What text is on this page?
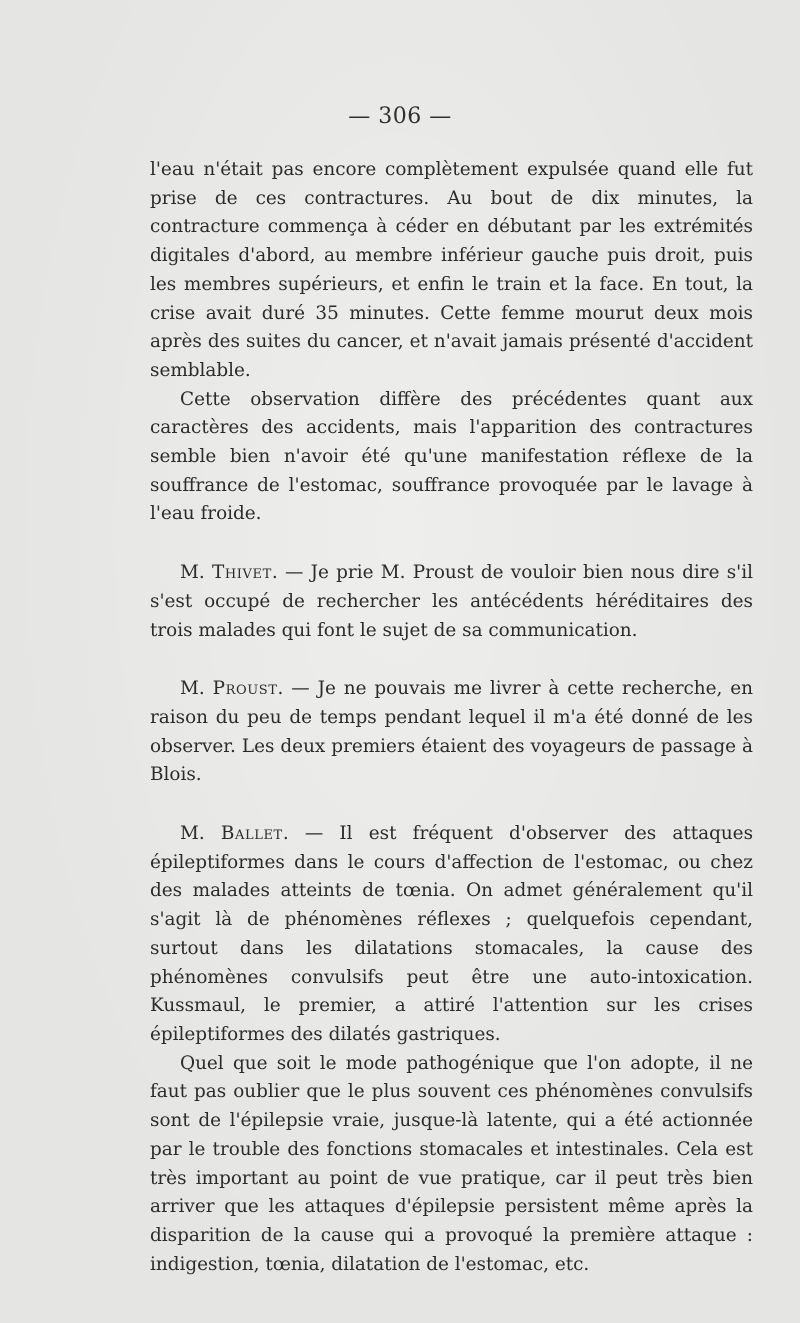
— 306 —

l'eau n'était pas encore complètement expulsée quand elle fut prise de ces contractures. Au bout de dix minutes, la contracture commença à céder en débutant par les extrémités digitales d'abord, au membre inférieur gauche puis droit, puis les membres supérieurs, et enfin le train et la face. En tout, la crise avait duré 35 minutes. Cette femme mourut deux mois après des suites du cancer, et n'avait jamais présenté d'accident semblable.

Cette observation diffère des précédentes quant aux caractères des accidents, mais l'apparition des contractures semble bien n'avoir été qu'une manifestation réflexe de la souffrance de l'estomac, souffrance provoquée par le lavage à l'eau froide.

M. Thivet. — Je prie M. Proust de vouloir bien nous dire s'il s'est occupé de rechercher les antécédents héréditaires des trois malades qui font le sujet de sa communication.

M. Proust. — Je ne pouvais me livrer à cette recherche, en raison du peu de temps pendant lequel il m'a été donné de les observer. Les deux premiers étaient des voyageurs de passage à Blois.

M. Ballet. — Il est fréquent d'observer des attaques épileptiformes dans le cours d'affection de l'estomac, ou chez des malades atteints de tœnia. On admet généralement qu'il s'agit là de phénomènes réflexes ; quelquefois cependant, surtout dans les dilatations stomacales, la cause des phénomènes convulsifs peut être une auto-intoxication. Kussmaul, le premier, a attiré l'attention sur les crises épileptiformes des dilatés gastriques.

Quel que soit le mode pathogénique que l'on adopte, il ne faut pas oublier que le plus souvent ces phénomènes convulsifs sont de l'épilepsie vraie, jusque-là latente, qui a été actionnée par le trouble des fonctions stomacales et intestinales. Cela est très important au point de vue pratique, car il peut très bien arriver que les attaques d'épilepsie persistent même après la disparition de la cause qui a provoqué la première attaque : indigestion, tœnia, dilatation de l'estomac, etc.
